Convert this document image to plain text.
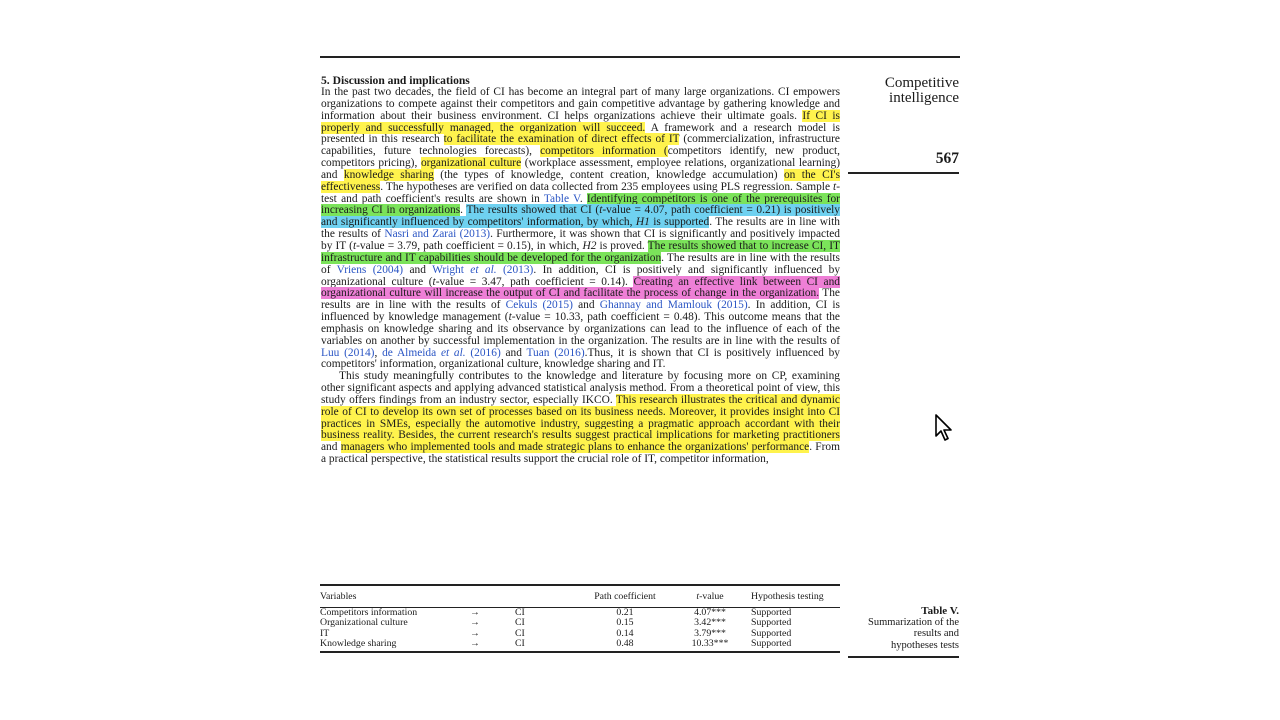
5. Discussion and implications

In the past two decades, the field of CI has become an integral part of many large organizations. CI empowers organizations to compete against their competitors and gain competitive advantage by gathering knowledge and information about their business environment. CI helps organizations achieve their ultimate goals. If CI is properly and successfully managed, the organization will succeed. A framework and a research model is presented in this research to facilitate the examination of direct effects of IT (commercialization, infrastructure capabilities, future technologies forecasts), competitors information (competitors identify, new product, competitors pricing), organizational culture (workplace assessment, employee relations, organizational learning) and knowledge sharing (the types of knowledge, content creation, knowledge accumulation) on the CI's effectiveness. The hypotheses are verified on data collected from 235 employees using PLS regression. Sample t-test and path coefficient's results are shown in Table V. Identifying competitors is one of the prerequisites for increasing CI in organizations. The results showed that CI (t-value = 4.07, path coefficient = 0.21) is positively and significantly influenced by competitors' information, by which, H1 is supported. The results are in line with the results of Nasri and Zarai (2013). Furthermore, it was shown that CI is significantly and positively impacted by IT (t-value = 3.79, path coefficient = 0.15), in which, H2 is proved. The results showed that to increase CI, IT infrastructure and IT capabilities should be developed for the organization. The results are in line with the results of Vriens (2004) and Wright et al. (2013). In addition, CI is positively and significantly influenced by organizational culture (t-value = 3.47, path coefficient = 0.14). Creating an effective link between CI and organizational culture will increase the output of CI and facilitate the process of change in the organization. The results are in line with the results of Cekuls (2015) and Ghannay and Mamlouk (2015). In addition, CI is influenced by knowledge management (t-value = 10.33, path coefficient = 0.48). This outcome means that the emphasis on knowledge sharing and its observance by organizations can lead to the influence of each of the variables on another by successful implementation in the organization. The results are in line with the results of Luu (2014), de Almeida et al. (2016) and Tuan (2016).Thus, it is shown that CI is positively influenced by competitors' information, organizational culture, knowledge sharing and IT.

This study meaningfully contributes to the knowledge and literature by focusing more on CP, examining other significant aspects and applying advanced statistical analysis method. From a theoretical point of view, this study offers findings from an industry sector, especially IKCO. This research illustrates the critical and dynamic role of CI to develop its own set of processes based on its business needs. Moreover, it provides insight into CI practices in SMEs, especially the automotive industry, suggesting a pragmatic approach accordant with their business reality. Besides, the current research's results suggest practical implications for marketing practitioners and managers who implemented tools and made strategic plans to enhance the organizations' performance. From a practical perspective, the statistical results support the crucial role of IT, competitor information,

Competitive
intelligence
567
Variables			Path coefficient	t-value	Hypothesis testing
Competitors information	→	CI	0.21	4.07***	Supported
Organizational culture	→	CI	0.15	3.42***	Supported
IT	→	CI	0.14	3.79***	Supported
Knowledge sharing	→	CI	0.48	10.33***	Supported
Table V.
Summarization of the
results and
hypotheses tests
